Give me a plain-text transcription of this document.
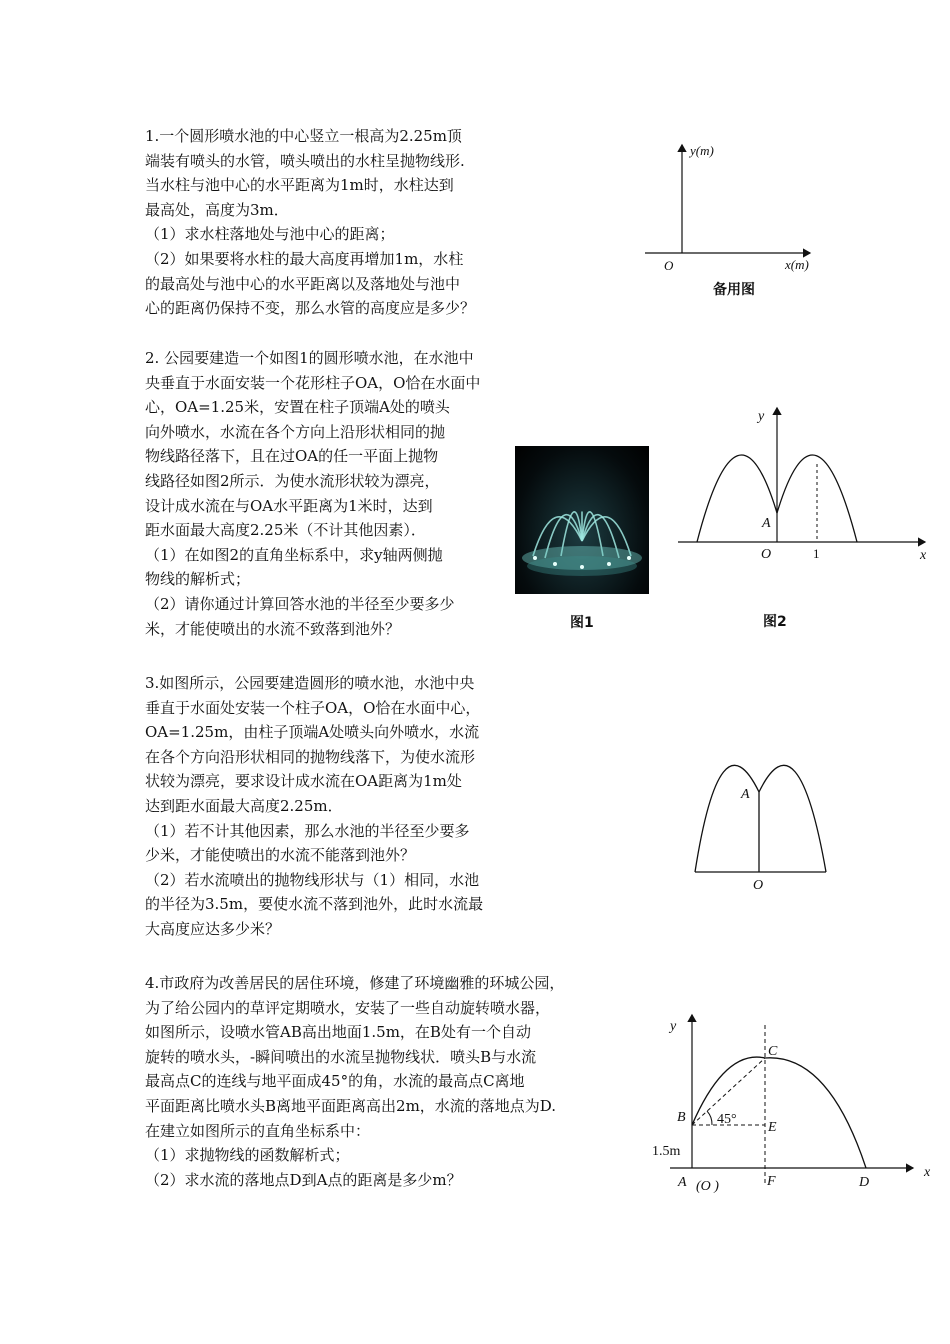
1.一个圆形喷水池的中心竖立一根高为2.25m顶

端装有喷头的水管，喷头喷出的水柱呈抛物线形.

当水柱与池中心的水平距离为1m时，水柱达到

最高处，高度为3m．

（1）求水柱落地处与池中心的距离；

（2）如果要将水柱的最大高度再增加1m，水柱

的最高处与池中心的水平距离以及落地处与池中

心的距离仍保持不变，那么水管的高度应是多少？

2. 公园要建造一个如图1的圆形喷水池，在水池中

央垂直于水面安装一个花形柱子OA，O恰在水面中

心，OA=1.25米，安置在柱子顶端A处的喷头

向外喷水，水流在各个方向上沿形状相同的抛

物线路径落下，且在过OA的任一平面上抛物

线路径如图2所示．为使水流形状较为漂亮，

设计成水流在与OA水平距离为1米时，达到

距水面最大高度2.25米（不计其他因素）．

（1）在如图2的直角坐标系中，求y轴两侧抛

物线的解析式；

（2）请你通过计算回答水池的半径至少要多少

米，才能使喷出的水流不致落到池外？

3.如图所示，公园要建造圆形的喷水池，水池中央

垂直于水面处安装一个柱子OA，O恰在水面中心，

OA=1.25m，由柱子顶端A处喷头向外喷水，水流

在各个方向沿形状相同的抛物线落下，为使水流形

状较为漂亮，要求设计成水流在OA距离为1m处

达到距水面最大高度2.25m．

（1）若不计其他因素，那么水池的半径至少要多

少米，才能使喷出的水流不能落到池外？

（2）若水流喷出的抛物线形状与（1）相同，水池

的半径为3.5m，要使水流不落到池外，此时水流最

大高度应达多少米？

4.市政府为改善居民的居住环境，修建了环境幽雅的环城公园，

为了给公园内的草评定期喷水，安装了一些自动旋转喷水器，

如图所示，设喷水管AB高出地面1.5m，在B处有一个自动

旋转的喷水头，-瞬间喷出的水流呈抛物线状．喷头B与水流

最高点C的连线与地平面成45°的角，水流的最高点C离地

平面距离比喷水头B离地平面距离高出2m，水流的落地点为D.

在建立如图所示的直角坐标系中：

（1）求抛物线的函数解析式；

（2）求水流的落地点D到A点的距离是多少m？

y(m)
x(m)
O
备用图
图1
y
x
A
O	1
图2
A
O
y
x
B
C
E
F	D
A (O )
45°
1.5m
